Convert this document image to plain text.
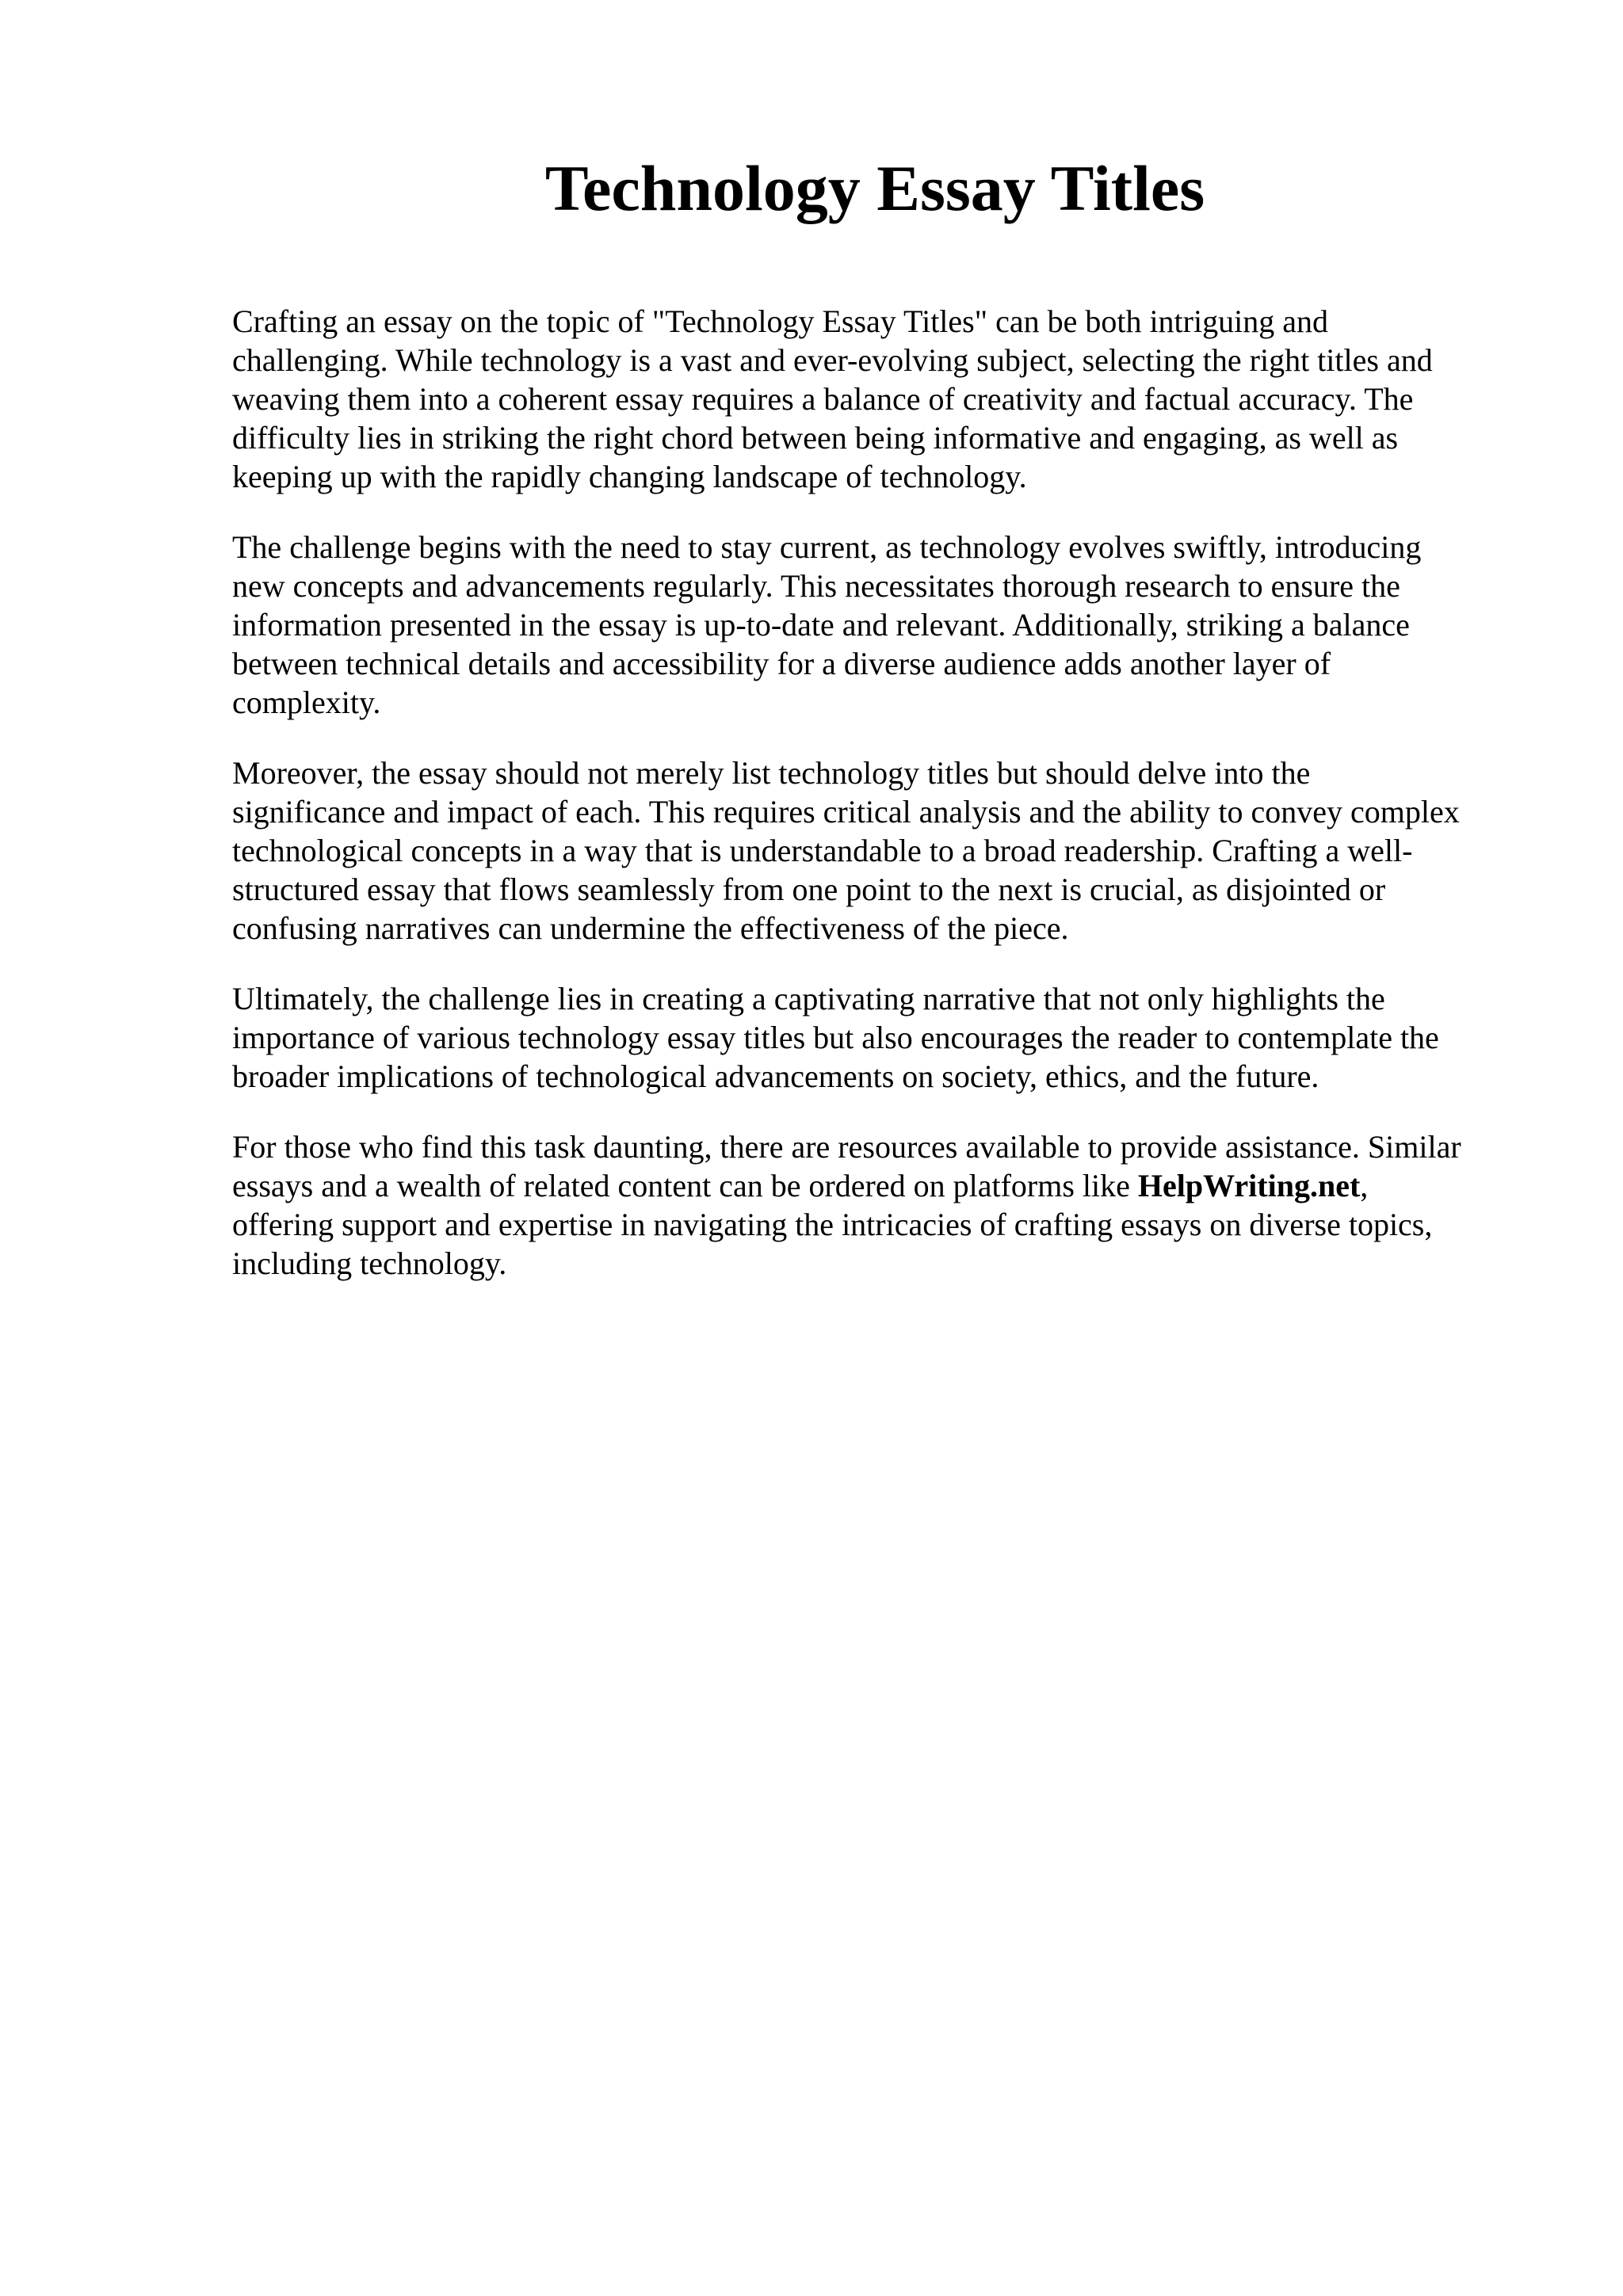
Technology Essay Titles

Crafting an essay on the topic of "Technology Essay Titles" can be both intriguing and
challenging. While technology is a vast and ever-evolving subject, selecting the right titles and
weaving them into a coherent essay requires a balance of creativity and factual accuracy. The
difficulty lies in striking the right chord between being informative and engaging, as well as
keeping up with the rapidly changing landscape of technology.

The challenge begins with the need to stay current, as technology evolves swiftly, introducing
new concepts and advancements regularly. This necessitates thorough research to ensure the
information presented in the essay is up-to-date and relevant. Additionally, striking a balance
between technical details and accessibility for a diverse audience adds another layer of
complexity.

Moreover, the essay should not merely list technology titles but should delve into the
significance and impact of each. This requires critical analysis and the ability to convey complex
technological concepts in a way that is understandable to a broad readership. Crafting a well-
structured essay that flows seamlessly from one point to the next is crucial, as disjointed or
confusing narratives can undermine the effectiveness of the piece.

Ultimately, the challenge lies in creating a captivating narrative that not only highlights the
importance of various technology essay titles but also encourages the reader to contemplate the
broader implications of technological advancements on society, ethics, and the future.

For those who find this task daunting, there are resources available to provide assistance. Similar
essays and a wealth of related content can be ordered on platforms like HelpWriting.net,
offering support and expertise in navigating the intricacies of crafting essays on diverse topics,
including technology.
